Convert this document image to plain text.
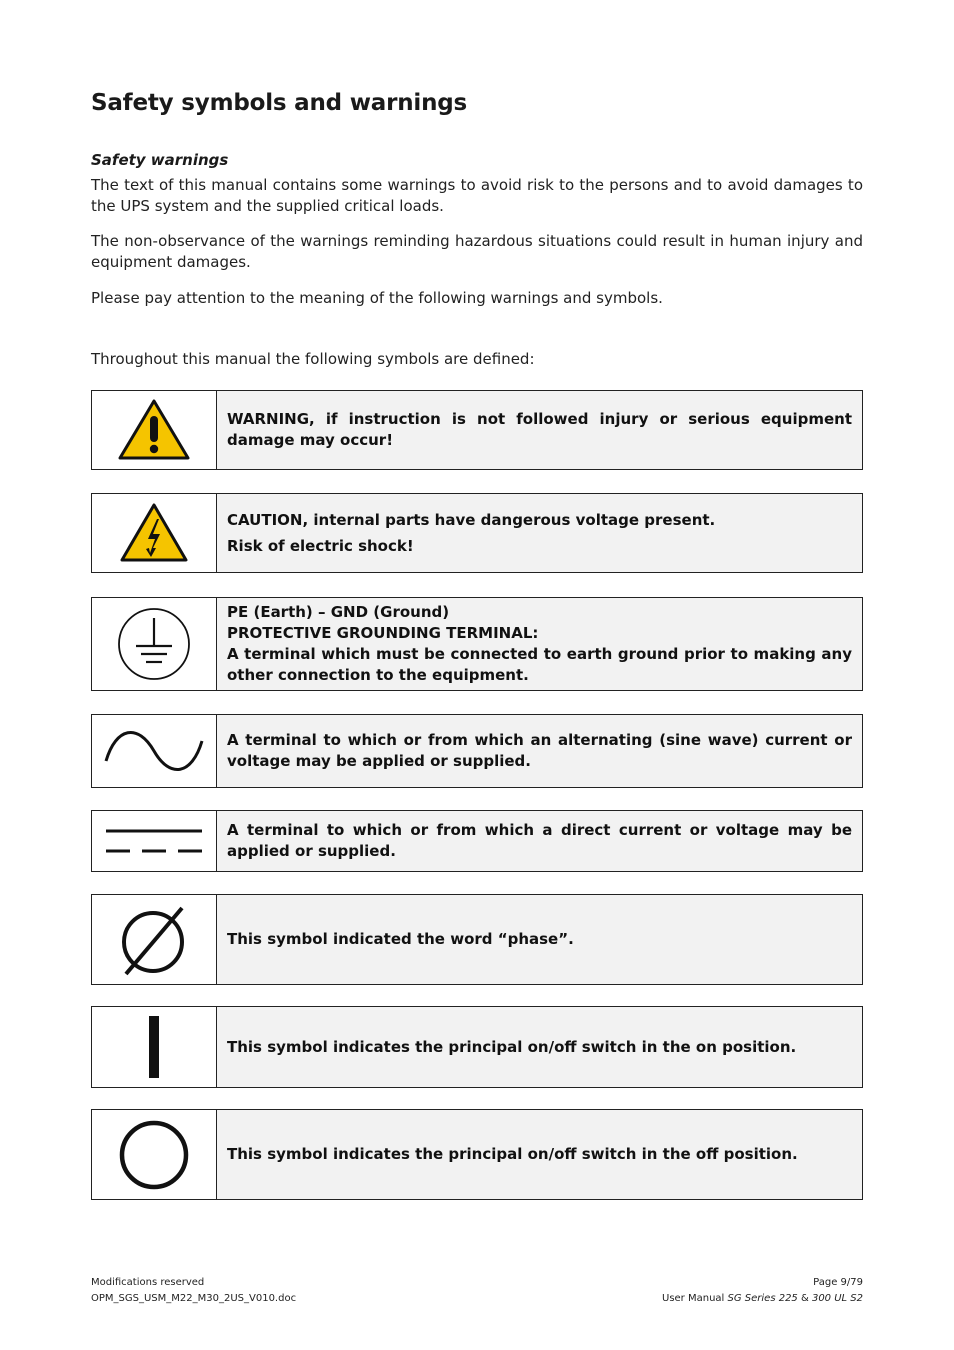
Safety symbols and warnings
Safety warnings

The text of this manual contains some warnings to avoid risk to the persons and to avoid damages to the UPS system and the supplied critical loads.

The non-observance of the warnings reminding hazardous situations could result in human injury and equipment damages.

Please pay attention to the meaning of the following warnings and symbols.

Throughout this manual the following symbols are defined:

WARNING, if instruction is not followed injury or serious equipment damage may occur!
CAUTION, internal parts have dangerous voltage present.
Risk of electric shock!
PE (Earth) – GND (Ground)
PROTECTIVE GROUNDING TERMINAL:
A terminal which must be connected to earth ground prior to making any other connection to the equipment.
A terminal to which or from which an alternating (sine wave) current or voltage may be applied or supplied.
A terminal to which or from which a direct current or voltage may be applied or supplied.
This symbol indicated the word “phase”.
This symbol indicates the principal on/off switch in the on position.
This symbol indicates the principal on/off switch in the off position.
Modifications reserved
OPM_SGS_USM_M22_M30_2US_V010.doc
Page 9/79
User Manual SG Series 225 & 300 UL S2
